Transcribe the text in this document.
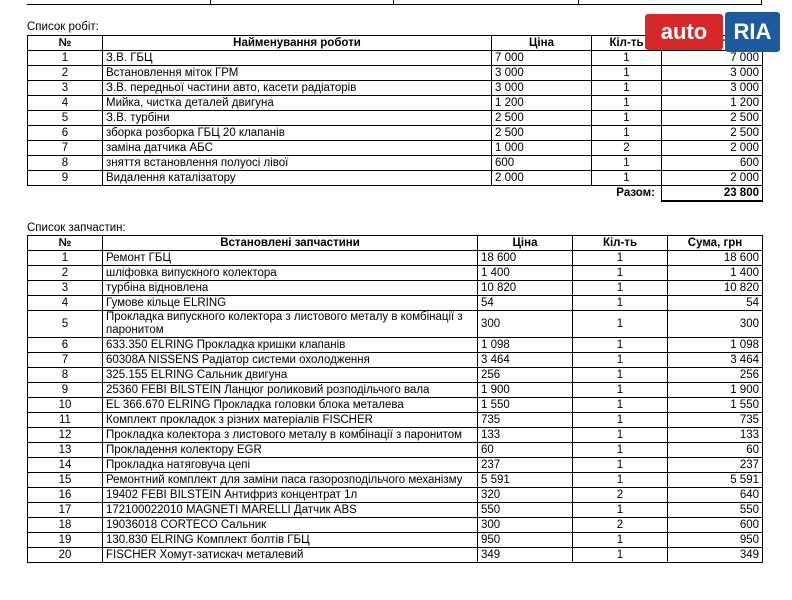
Список робіт:
№	Найменування роботи	Ціна	Кіл-ть	
1	З.В. ГБЦ	7 000	1	7 000
2	Встановлення міток ГРМ	3 000	1	3 000
3	З.В. передньої частини авто, касети радіаторів	3 000	1	3 000
4	Мийка, чистка деталей двигуна	1 200	1	1 200
5	З.В. турбіни	2 500	1	2 500
6	зборка розборка ГБЦ 20 клапанів	2 500	1	2 500
7	заміна датчика АБС	1 000	2	2 000
8	зняття встановлення полуосі лівої	600	1	600
9	Видалення каталізатору	2 000	1	2 000
			Разом:	23 800
Список запчастин:
№	Встановлені запчастини	Ціна	Кіл-ть	Сума, грн
1	Ремонт ГБЦ	18 600	1	18 600
2	шліфовка випускного колектора	1 400	1	1 400
3	турбіна відновлена	10 820	1	10 820
4	Гумове кільце ELRING	54	1	54
5	Прокладка випускного колектора з листового металу в комбінації з паронитом	300	1	300
6	633.350 ELRING Прокладка кришки клапанів	1 098	1	1 098
7	60308A NISSENS Радіатор системи охолодження	3 464	1	3 464
8	325.155 ELRING Сальник двигуна	256	1	256
9	25360 FEBI BILSTEIN Ланцюг роликовий розподільчого вала	1 900	1	1 900
10	EL 366.670 ELRING Прокладка головки блока металева	1 550	1	1 550
11	Комплект прокладок з різних матеріалів FISCHER	735	1	735
12	Прокладка колектора з листового металу в комбінації з паронитом	133	1	133
13	Прокладення колектору EGR	60	1	60
14	Прокладка натяговуча цепі	237	1	237
15	Ремонтний комплект для заміни паса газорозподільчого механізму	5 591	1	5 591
16	19402 FEBI BILSTEIN Антифриз концентрат 1л	320	2	640
17	172100022010 MAGNETI MARELLI Датчик ABS	550	1	550
18	19036018 CORTECO Сальник	300	2	600
19	130.830 ELRING Комплект болтів ГБЦ	950	1	950
20	FISCHER Хомут-затискач металевий	349	1	349
auto	RIA
